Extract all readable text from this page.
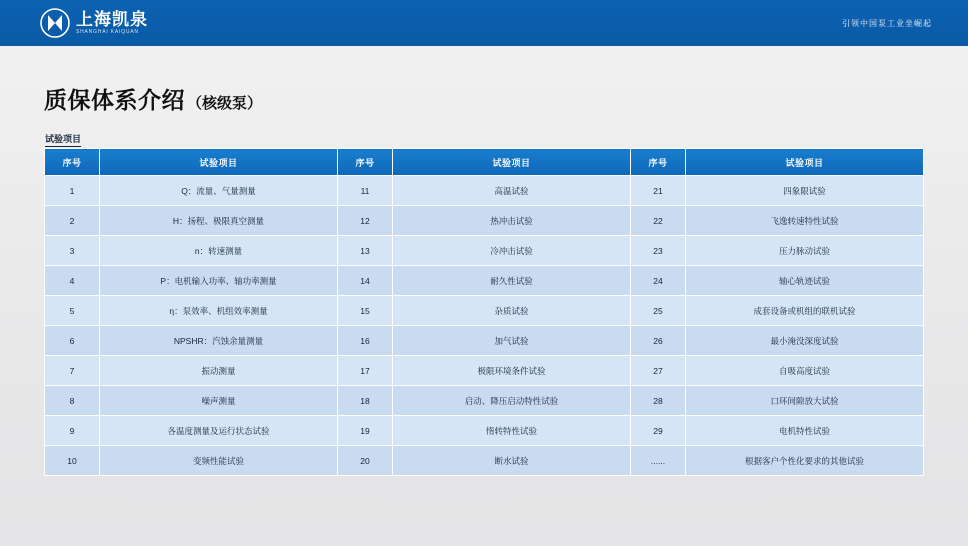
上海凯泉
SHANGHAI KAIQUAN
引领中国泵工业坐崛起
质保体系介绍 （核级泵）
试验项目
序号	试验项目	序号	试验项目	序号	试验项目
1	Q：流量、气量测量	11	高温试验	21	四象限试验
2	H：扬程、极限真空测量	12	热冲击试验	22	飞逸转速特性试验
3	n：转速测量	13	冷冲击试验	23	压力脉动试验
4	P：电机输入功率、轴功率测量	14	耐久性试验	24	轴心轨迹试验
5	η：泵效率、机组效率测量	15	杂质试验	25	成套设备或机组的联机试验
6	NPSHR：汽蚀余量测量	16	加气试验	26	最小淹没深度试验
7	振动测量	17	极限环境条件试验	27	自吸高度试验
8	噪声测量	18	启动、降压启动特性试验	28	口环间隙放大试验
9	各温度测量及运行状态试验	19	惰转特性试验	29	电机特性试验
10	变频性能试验	20	断水试验	......	根据客户个性化要求的其他试验
